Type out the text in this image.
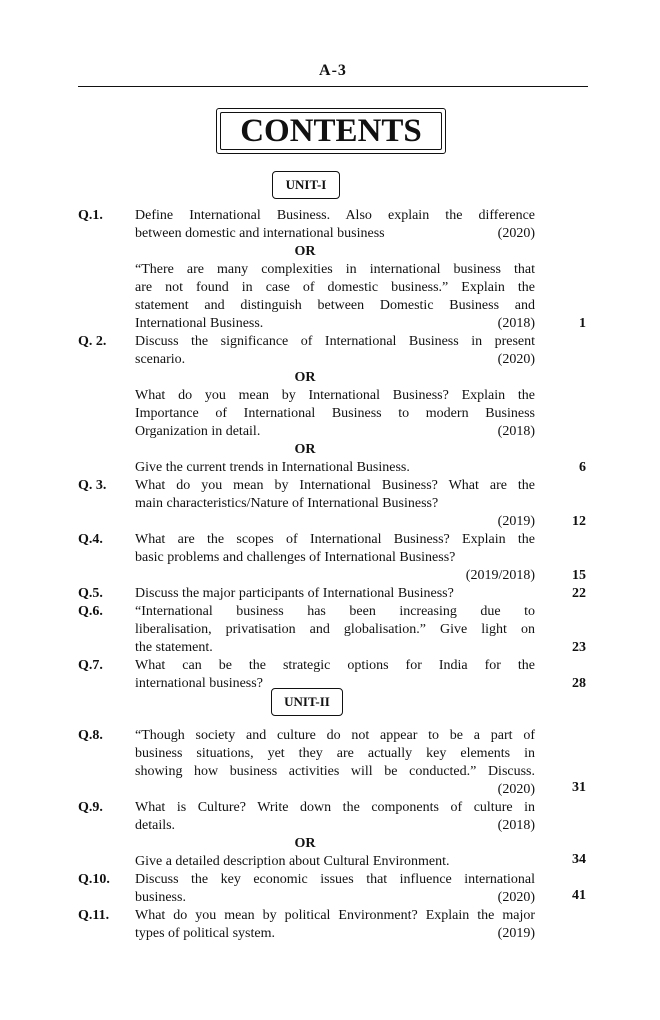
A-3
CONTENTS
UNIT-I
Q.1. Define International Business. Also explain the difference
between domestic and international business	(2020)
OR
“There are many complexities in international business that
are not found in case of domestic business.” Explain the
statement and distinguish between Domestic Business and
International Business.	(2018)	1
Q. 2. Discuss the significance of International Business in present
scenario.	(2020)
OR
What do you mean by International Business? Explain the
Importance of International Business to modern Business
Organization in detail.	(2018)
OR
Give the current trends in International Business.	6
Q. 3. What do you mean by International Business? What are the
main characteristics/Nature of International Business?
(2019)	12
Q.4. What are the scopes of International Business? Explain the
basic problems and challenges of International Business?
(2019/2018)	15
Q.5. Discuss the major participants of International Business?	22
Q.6. “International business has been increasing due to
liberalisation, privatisation and globalisation.” Give light on
the statement.	23
Q.7. What can be the strategic options for India for the
international business?	28
UNIT-II
Q.8. “Though society and culture do not appear to be a part of
business situations, yet they are actually key elements in
showing how business activities will be conducted.” Discuss.
(2020)	31
Q.9. What is Culture? Write down the components of culture in
details.	(2018)
OR
Give a detailed description about Cultural Environment.	34
Q.10. Discuss the key economic issues that influence international
business.	(2020)	41
Q.11. What do you mean by political Environment? Explain the major
types of political system.	(2019)
